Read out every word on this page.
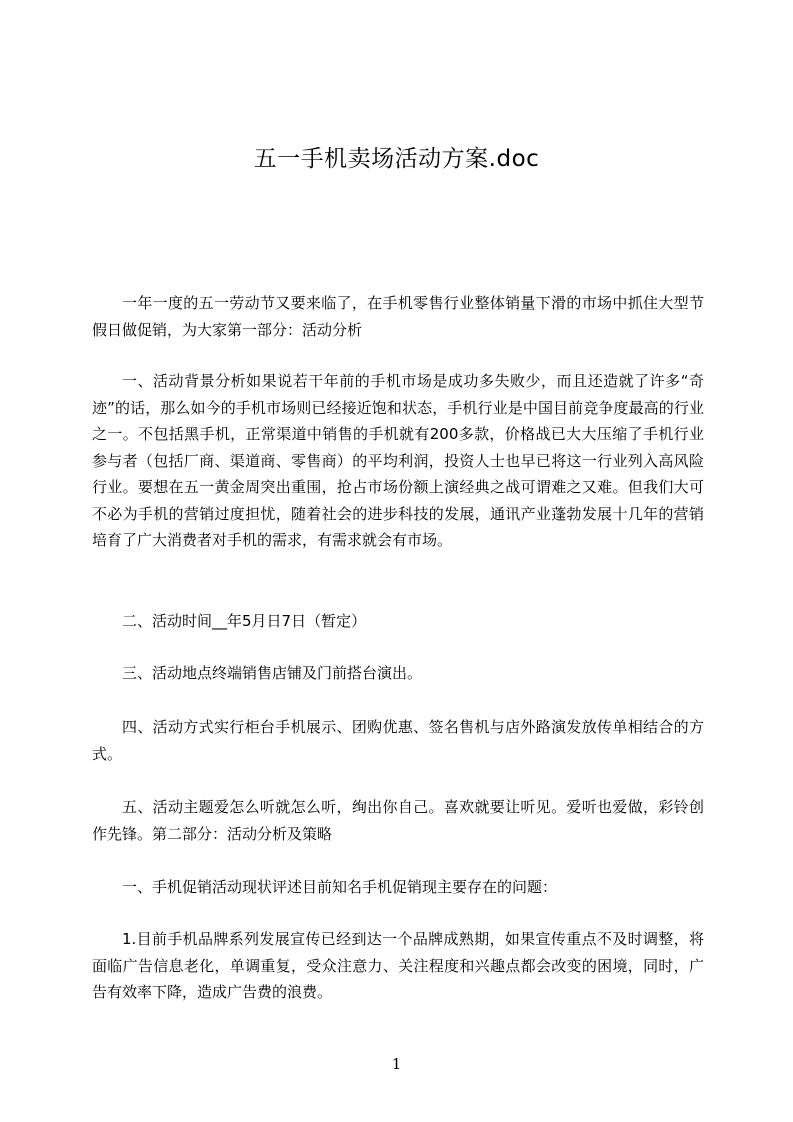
五一手机卖场活动方案.doc

一年一度的五一劳动节又要来临了，在手机零售行业整体销量下滑的市场中抓住大型节假日做促销，为大家第一部分：活动分析

一、活动背景分析如果说若干年前的手机市场是成功多失败少，而且还造就了许多“奇迹”的话，那么如今的手机市场则已经接近饱和状态，手机行业是中国目前竞争度最高的行业之一。不包括黑手机，正常渠道中销售的手机就有200多款，价格战已大大压缩了手机行业参与者（包括厂商、渠道商、零售商）的平均利润，投资人士也早已将这一行业列入高风险行业。要想在五一黄金周突出重围，抢占市场份额上演经典之战可谓难之又难。但我们大可不必为手机的营销过度担忧，随着社会的进步科技的发展，通讯产业蓬勃发展十几年的营销培育了广大消费者对手机的需求，有需求就会有市场。

二、活动时间__年5月日7日（暂定）

三、活动地点终端销售店铺及门前搭台演出。

四、活动方式实行柜台手机展示、团购优惠、签名售机与店外路演发放传单相结合的方式。

五、活动主题爱怎么听就怎么听，绚出你自己。喜欢就要让听见。爱听也爱做，彩铃创作先锋。第二部分：活动分析及策略

一、手机促销活动现状评述目前知名手机促销现主要存在的问题：

1.目前手机品牌系列发展宣传已经到达一个品牌成熟期，如果宣传重点不及时调整，将面临广告信息老化，单调重复，受众注意力、关注程度和兴趣点都会改变的困境，同时，广告有效率下降，造成广告费的浪费。

1
